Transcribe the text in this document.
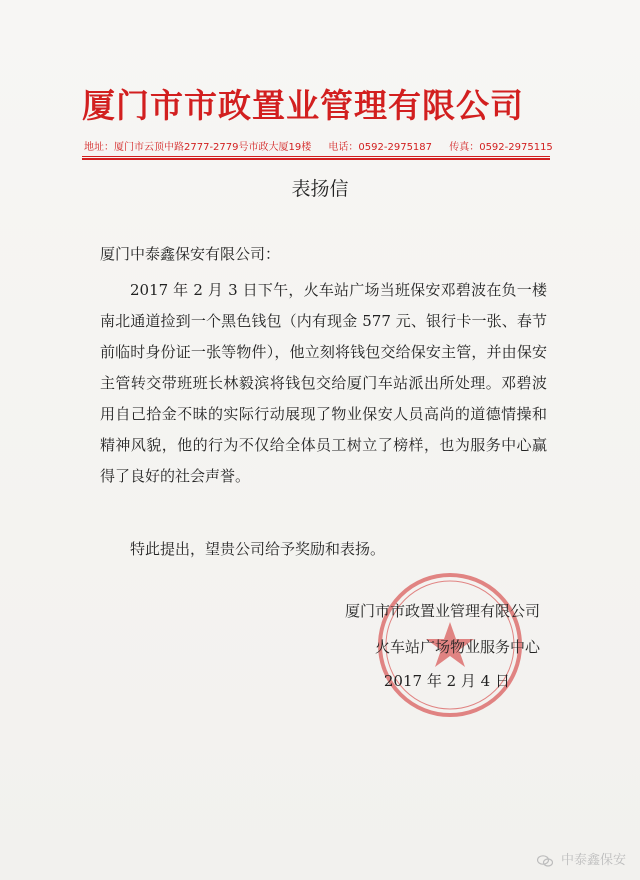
厦门市市政置业管理有限公司
地址：厦门市云顶中路2777-2779号市政大厦19楼 电话：0592-2975187 传真：0592-2975115
表扬信
厦门中泰鑫保安有限公司：
2017 年 2 月 3 日下午，火车站广场当班保安邓碧波在负一楼南北通道捡到一个黑色钱包（内有现金 577 元、银行卡一张、春节前临时身份证一张等物件），他立刻将钱包交给保安主管，并由保安主管转交带班班长林毅滨将钱包交给厦门车站派出所处理。邓碧波用自己拾金不昧的实际行动展现了物业保安人员高尚的道德情操和精神风貌，他的行为不仅给全体员工树立了榜样，也为服务中心赢得了良好的社会声誉。
特此提出，望贵公司给予奖励和表扬。
厦门市市政置业管理有限公司
火车站广场物业服务中心
2017 年 2 月 4 日
中泰鑫保安
